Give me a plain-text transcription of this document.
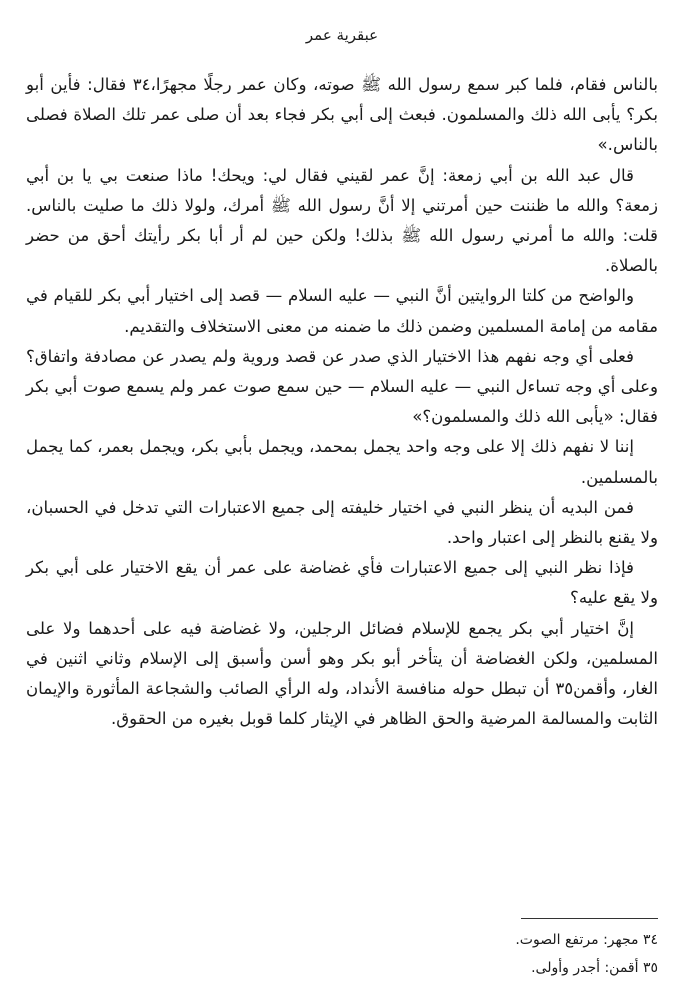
عبقرية عمر

بالناس فقام، فلما كبر سمع رسول الله ﷺ صوته، وكان عمر رجلًا مجهرًا،٣٤ فقال: فأين أبو بكر؟ يأبى الله ذلك والمسلمون. فبعث إلى أبي بكر فجاء بعد أن صلى عمر تلك الصلاة فصلى بالناس.»

قال عبد الله بن أبي زمعة: إنَّ عمر لقيني فقال لي: ويحك! ماذا صنعت بي يا بن أبي زمعة؟ والله ما ظننت حين أمرتني إلا أنَّ رسول الله ﷺ أمرك، ولولا ذلك ما صليت بالناس. قلت: والله ما أمرني رسول الله ﷺ بذلك! ولكن حين لم أر أبا بكر رأيتك أحق من حضر بالصلاة.

والواضح من كلتا الروايتين أنَّ النبي — عليه السلام — قصد إلى اختيار أبي بكر للقيام في مقامه من إمامة المسلمين وضمن ذلك ما ضمنه من معنى الاستخلاف والتقديم.

فعلى أي وجه نفهم هذا الاختيار الذي صدر عن قصد وروية ولم يصدر عن مصادفة واتفاق؟ وعلى أي وجه تساءل النبي — عليه السلام — حين سمع صوت عمر ولم يسمع صوت أبي بكر فقال: «يأبى الله ذلك والمسلمون؟»

إننا لا نفهم ذلك إلا على وجه واحد يجمل بمحمد، ويجمل بأبي بكر، ويجمل بعمر، كما يجمل بالمسلمين.

فمن البديه أن ينظر النبي في اختيار خليفته إلى جميع الاعتبارات التي تدخل في الحسبان، ولا يقنع بالنظر إلى اعتبار واحد.

فإذا نظر النبي إلى جميع الاعتبارات فأي غضاضة على عمر أن يقع الاختيار على أبي بكر ولا يقع عليه؟

إنَّ اختيار أبي بكر يجمع للإسلام فضائل الرجلين، ولا غضاضة فيه على أحدهما ولا على المسلمين، ولكن الغضاضة أن يتأخر أبو بكر وهو أسن وأسبق إلى الإسلام وثاني اثنين في الغار، وأقمن٣٥ أن تبطل حوله منافسة الأنداد، وله الرأي الصائب والشجاعة المأثورة والإيمان الثابت والمسالمة المرضية والحق الظاهر في الإيثار كلما قوبل بغيره من الحقوق.

٣٤ مجهر: مرتفع الصوت.

٣٥ أقمن: أجدر وأولى.
